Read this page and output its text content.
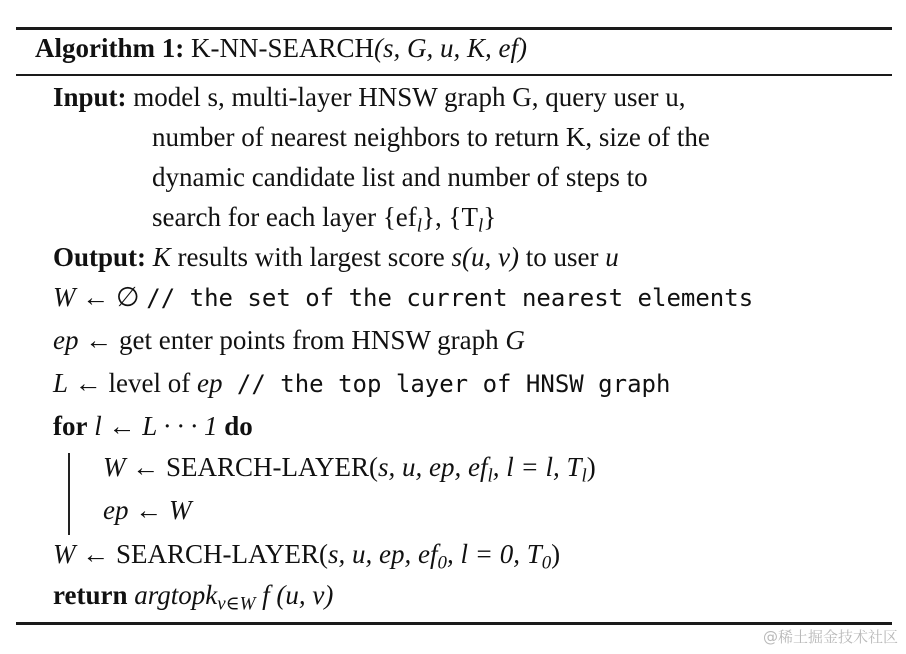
Algorithm 1: K-NN-SEARCH(s, G, u, K, ef)
Input: model s, multi-layer HNSW graph G, query user u,
number of nearest neighbors to return K, size of the
dynamic candidate list and number of steps to
search for each layer $\{ef_l\}$, $\{T_l\}$
Output: K results with largest score s(u, v) to user u
W ← ∅ // the set of the current nearest elements
ep ← get enter points from HNSW graph G
L ← level of ep // the top layer of HNSW graph
for l ← L · · · 1 do
W ← SEARCH-LAYER(s, u, ep, $ef_l$, l = l, $T_l$)
ep ← W
W ← SEARCH-LAYER(s, u, ep, $ef_0$, l = 0, $T_0$)
return argtopk$_{v\in W}$ f (u, v)
@稀土掘金技术社区
